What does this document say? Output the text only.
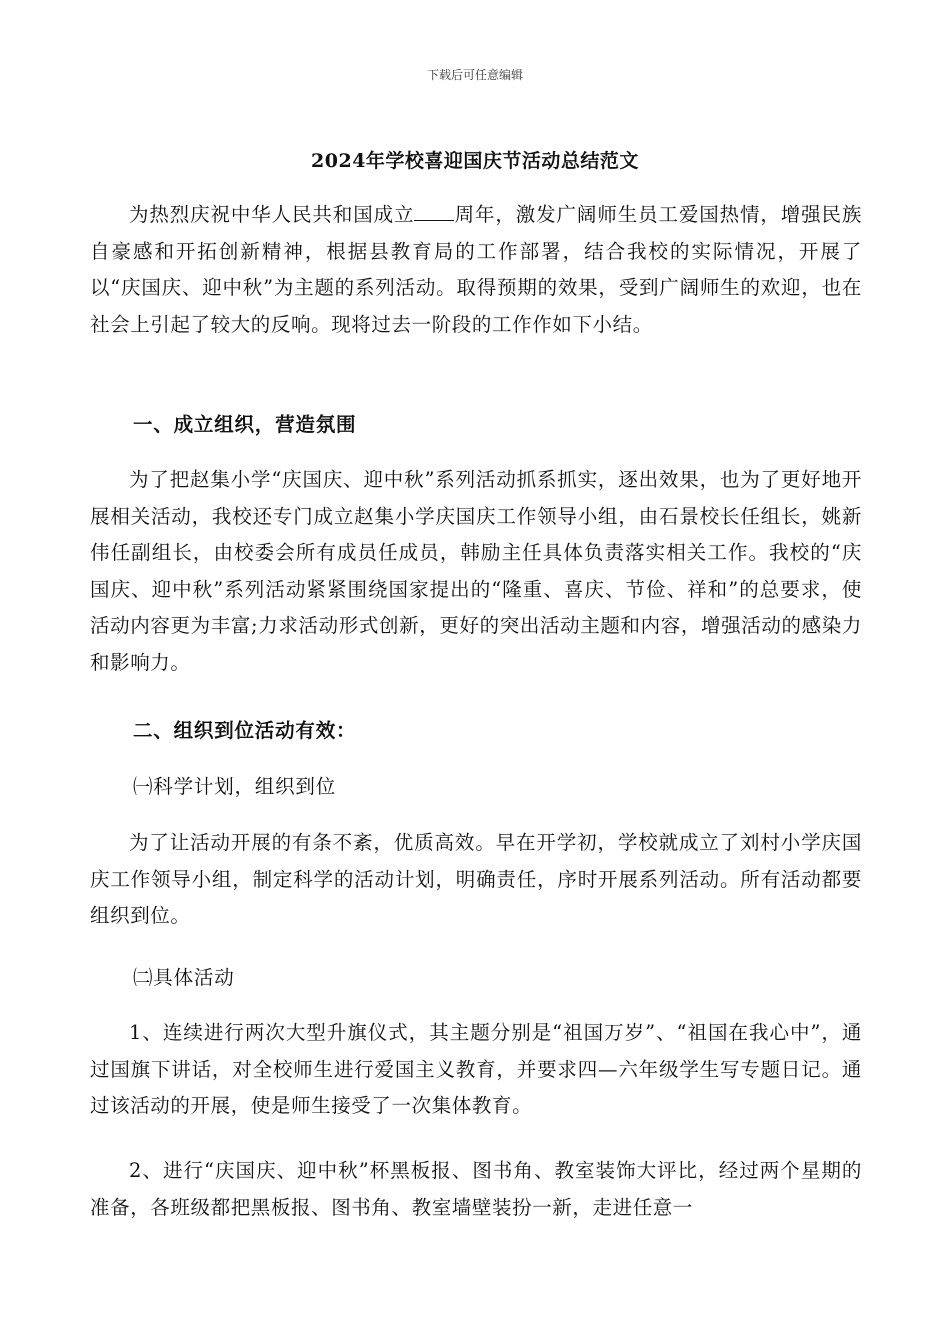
下载后可任意编辑
2024年学校喜迎国庆节活动总结范文
为热烈庆祝中华人民共和国成立 周年，激发广阔师生员工爱国热情，增强民族自豪感和开拓创新精神，根据县教育局的工作部署，结合我校的实际情况，开展了以“庆国庆、迎中秋”为主题的系列活动。取得预期的效果，受到广阔师生的欢迎，也在社会上引起了较大的反响。现将过去一阶段的工作作如下小结。
一、成立组织，营造氛围
为了把赵集小学“庆国庆、迎中秋”系列活动抓系抓实，逐出效果，也为了更好地开展相关活动，我校还专门成立赵集小学庆国庆工作领导小组，由石景校长任组长，姚新伟任副组长，由校委会所有成员任成员，韩励主任具体负责落实相关工作。我校的“庆国庆、迎中秋”系列活动紧紧围绕国家提出的“隆重、喜庆、节俭、祥和”的总要求，使活动内容更为丰富;力求活动形式创新，更好的突出活动主题和内容，增强活动的感染力和影响力。
二、组织到位活动有效：
㈠科学计划，组织到位
为了让活动开展的有条不紊，优质高效。早在开学初，学校就成立了刘村小学庆国庆工作领导小组，制定科学的活动计划，明确责任，序时开展系列活动。所有活动都要组织到位。
㈡具体活动
1、连续进行两次大型升旗仪式，其主题分别是“祖国万岁”、“祖国在我心中”，通过国旗下讲话，对全校师生进行爱国主义教育，并要求四—六年级学生写专题日记。通过该活动的开展，使是师生接受了一次集体教育。
2、进行“庆国庆、迎中秋”杯黑板报、图书角、教室装饰大评比，经过两个星期的准备，各班级都把黑板报、图书角、教室墙壁装扮一新，走进任意一
